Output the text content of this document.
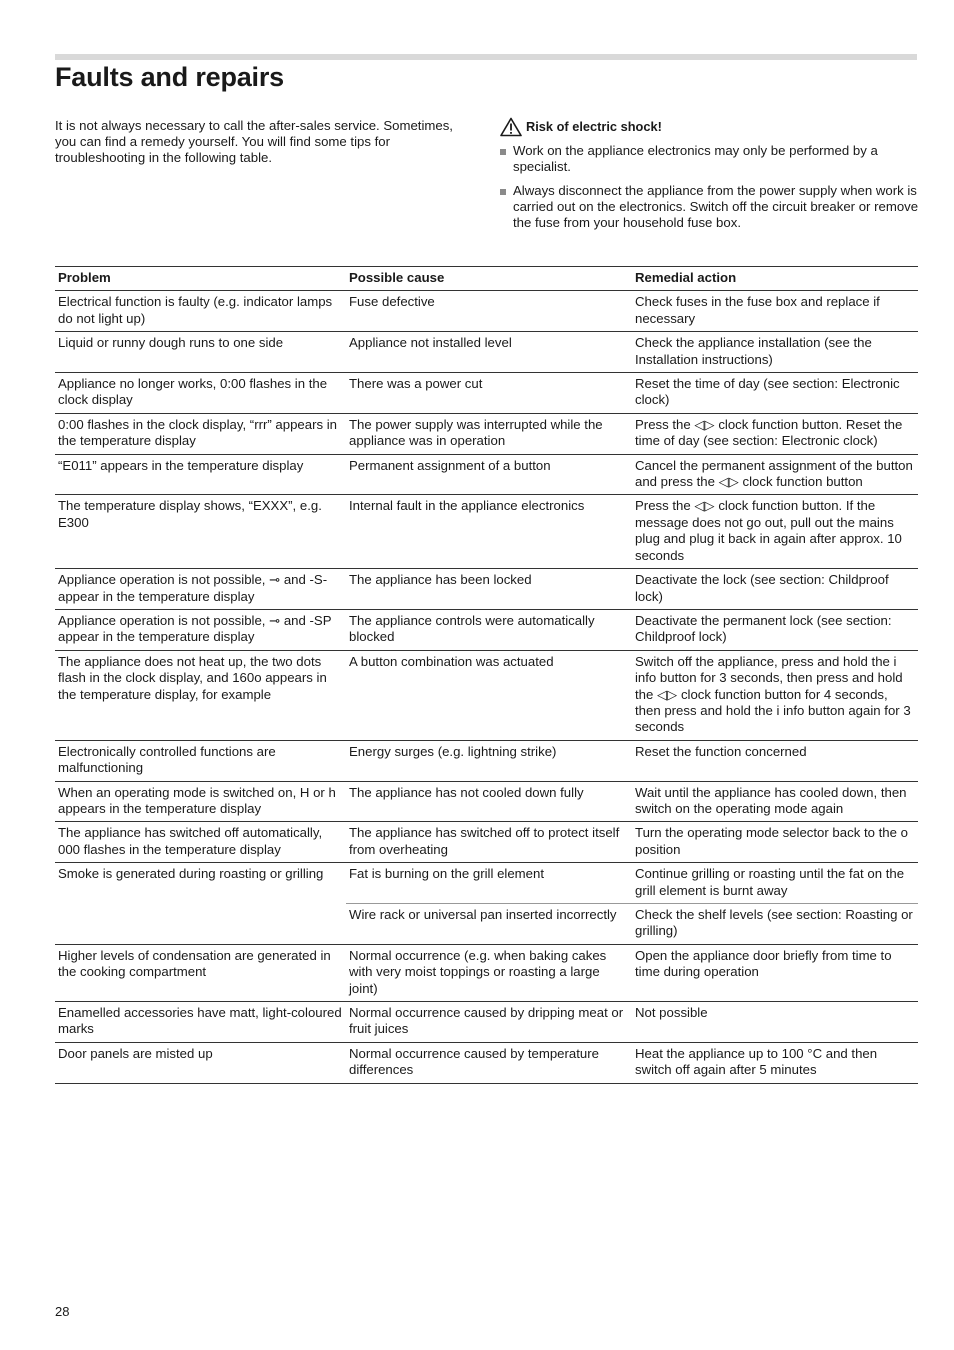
Faults and repairs
It is not always necessary to call the after-sales service. Sometimes, you can find a remedy yourself. You will find some tips for troubleshooting in the following table.
Risk of electric shock!
Work on the appliance electronics may only be performed by a specialist.
Always disconnect the appliance from the power supply when work is carried out on the electronics. Switch off the circuit breaker or remove the fuse from your household fuse box.
Problem	Possible cause	Remedial action
Electrical function is faulty (e.g. indicator lamps do not light up)	Fuse defective	Check fuses in the fuse box and replace if necessary
Liquid or runny dough runs to one side	Appliance not installed level	Check the appliance installation (see the Installation instructions)
Appliance no longer works, 0:00 flashes in the clock display	There was a power cut	Reset the time of day (see section: Electronic clock)
0:00 flashes in the clock display, “rrr” appears in the temperature display	The power supply was interrupted while the appliance was in operation	Press the ◁▷ clock function button. Reset the time of day (see section: Electronic clock)
“E011” appears in the temperature display	Permanent assignment of a button	Cancel the permanent assignment of the button and press the ◁▷ clock function button
The temperature display shows, “EXXX”, e.g. E300	Internal fault in the appliance electronics	Press the ◁▷ clock function button. If the message does not go out, pull out the mains plug and plug it back in again after approx. 10 seconds
Appliance operation is not possible, ⊸ and -S- appear in the temperature display	The appliance has been locked	Deactivate the lock (see section: Childproof lock)
Appliance operation is not possible, ⊸ and -SP appear in the temperature display	The appliance controls were automatically blocked	Deactivate the permanent lock (see section: Childproof lock)
The appliance does not heat up, the two dots flash in the clock display, and 160o appears in the temperature display, for example	A button combination was actuated	Switch off the appliance, press and hold the i info button for 3 seconds, then press and hold the ◁▷ clock function button for 4 seconds, then press and hold the i info button again for 3 seconds
Electronically controlled functions are malfunctioning	Energy surges (e.g. lightning strike)	Reset the function concerned
When an operating mode is switched on, H or h appears in the temperature display	The appliance has not cooled down fully	Wait until the appliance has cooled down, then switch on the operating mode again
The appliance has switched off automatically, 000 flashes in the temperature display	The appliance has switched off to protect itself from overheating	Turn the operating mode selector back to the o position
Smoke is generated during roasting or grilling	Fat is burning on the grill element	Continue grilling or roasting until the fat on the grill element is burnt away
	Wire rack or universal pan inserted incorrectly	Check the shelf levels (see section: Roasting or grilling)
Higher levels of condensation are generated in the cooking compartment	Normal occurrence (e.g. when baking cakes with very moist toppings or roasting a large joint)	Open the appliance door briefly from time to time during operation
Enamelled accessories have matt, light-coloured marks	Normal occurrence caused by dripping meat or fruit juices	Not possible
Door panels are misted up	Normal occurrence caused by temperature differences	Heat the appliance up to 100 °C and then switch off again after 5 minutes
28
